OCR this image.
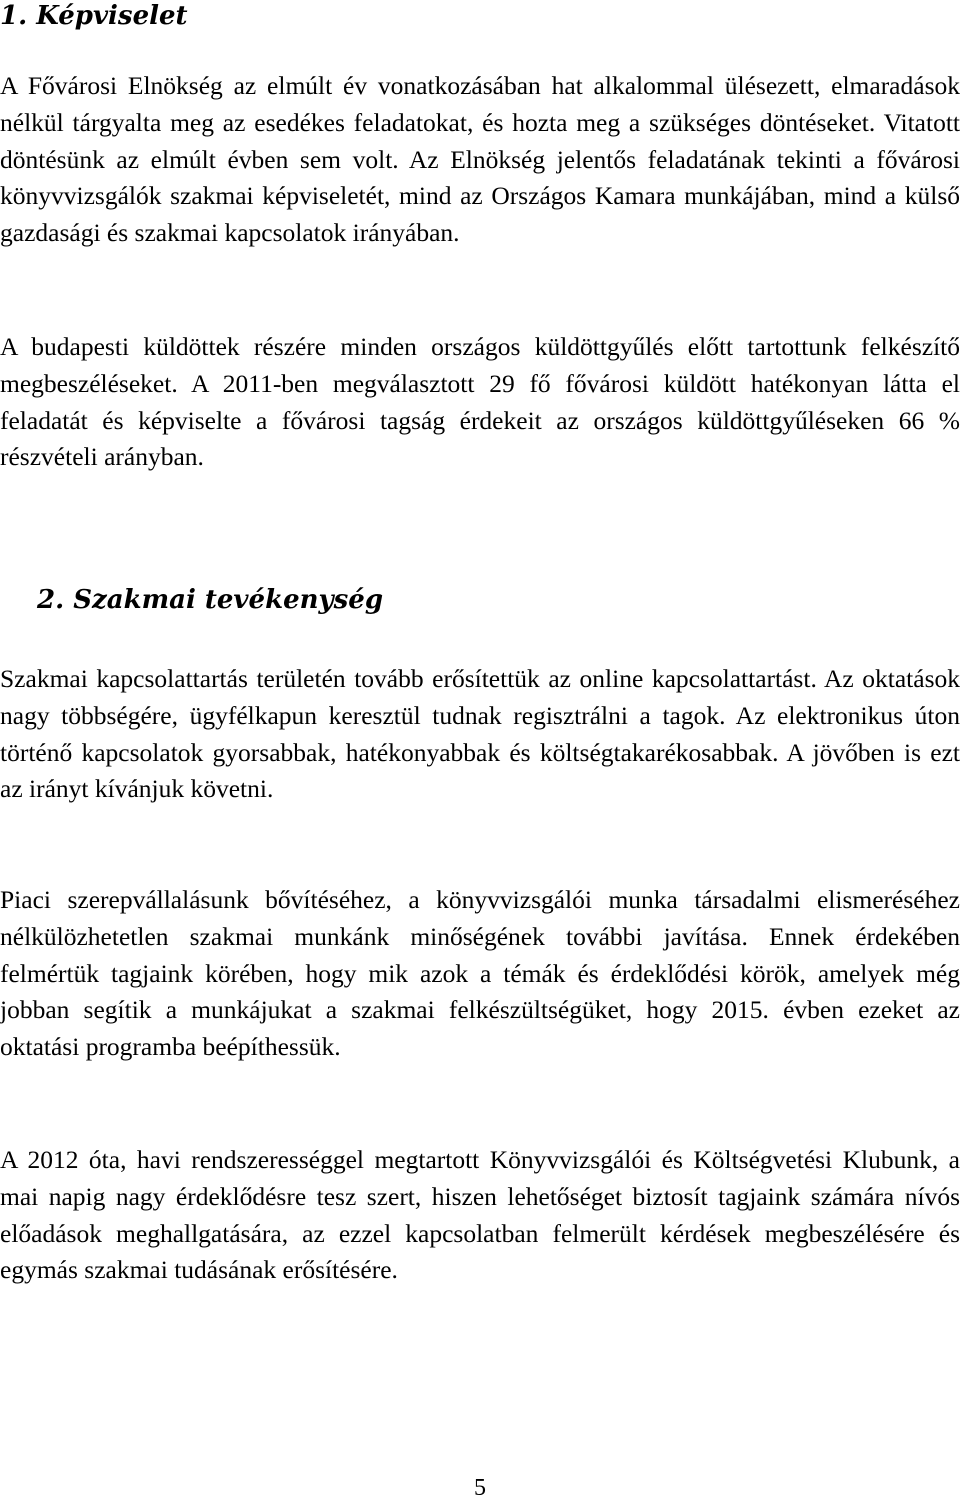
1. Képviselet

A Fővárosi Elnökség az elmúlt év vonatkozásában hat alkalommal ülésezett, elmaradások nélkül tárgyalta meg az esedékes feladatokat, és hozta meg a szükséges döntéseket. Vitatott döntésünk az elmúlt évben sem volt. Az Elnökség jelentős feladatának tekinti a fővárosi könyvvizsgálók szakmai képviseletét, mind az Országos Kamara munkájában, mind a külső gazdasági és szakmai kapcsolatok irányában.

A budapesti küldöttek részére minden országos küldöttgyűlés előtt tartottunk felkészítő megbeszéléseket. A 2011-ben megválasztott 29 fő fővárosi küldött hatékonyan látta el feladatát és képviselte a fővárosi tagság érdekeit az országos küldöttgyűléseken 66 % részvételi arányban.

2. Szakmai tevékenység

Szakmai kapcsolattartás területén tovább erősítettük az online kapcsolattartást. Az oktatások nagy többségére, ügyfélkapun keresztül tudnak regisztrálni a tagok. Az elektronikus úton történő kapcsolatok gyorsabbak, hatékonyabbak és költségtakarékosabbak. A jövőben is ezt az irányt kívánjuk követni.

Piaci szerepvállalásunk bővítéséhez, a könyvvizsgálói munka társadalmi elismeréséhez nélkülözhetetlen szakmai munkánk minőségének további javítása. Ennek érdekében felmértük tagjaink körében, hogy mik azok a témák és érdeklődési körök, amelyek még jobban segítik a munkájukat a szakmai felkészültségüket, hogy 2015. évben ezeket az oktatási programba beépíthessük.

A 2012 óta, havi rendszerességgel megtartott Könyvvizsgálói és Költségvetési Klubunk, a mai napig nagy érdeklődésre tesz szert, hiszen lehetőséget biztosít tagjaink számára nívós előadások meghallgatására, az ezzel kapcsolatban felmerült kérdések megbeszélésére és egymás szakmai tudásának erősítésére.

5
